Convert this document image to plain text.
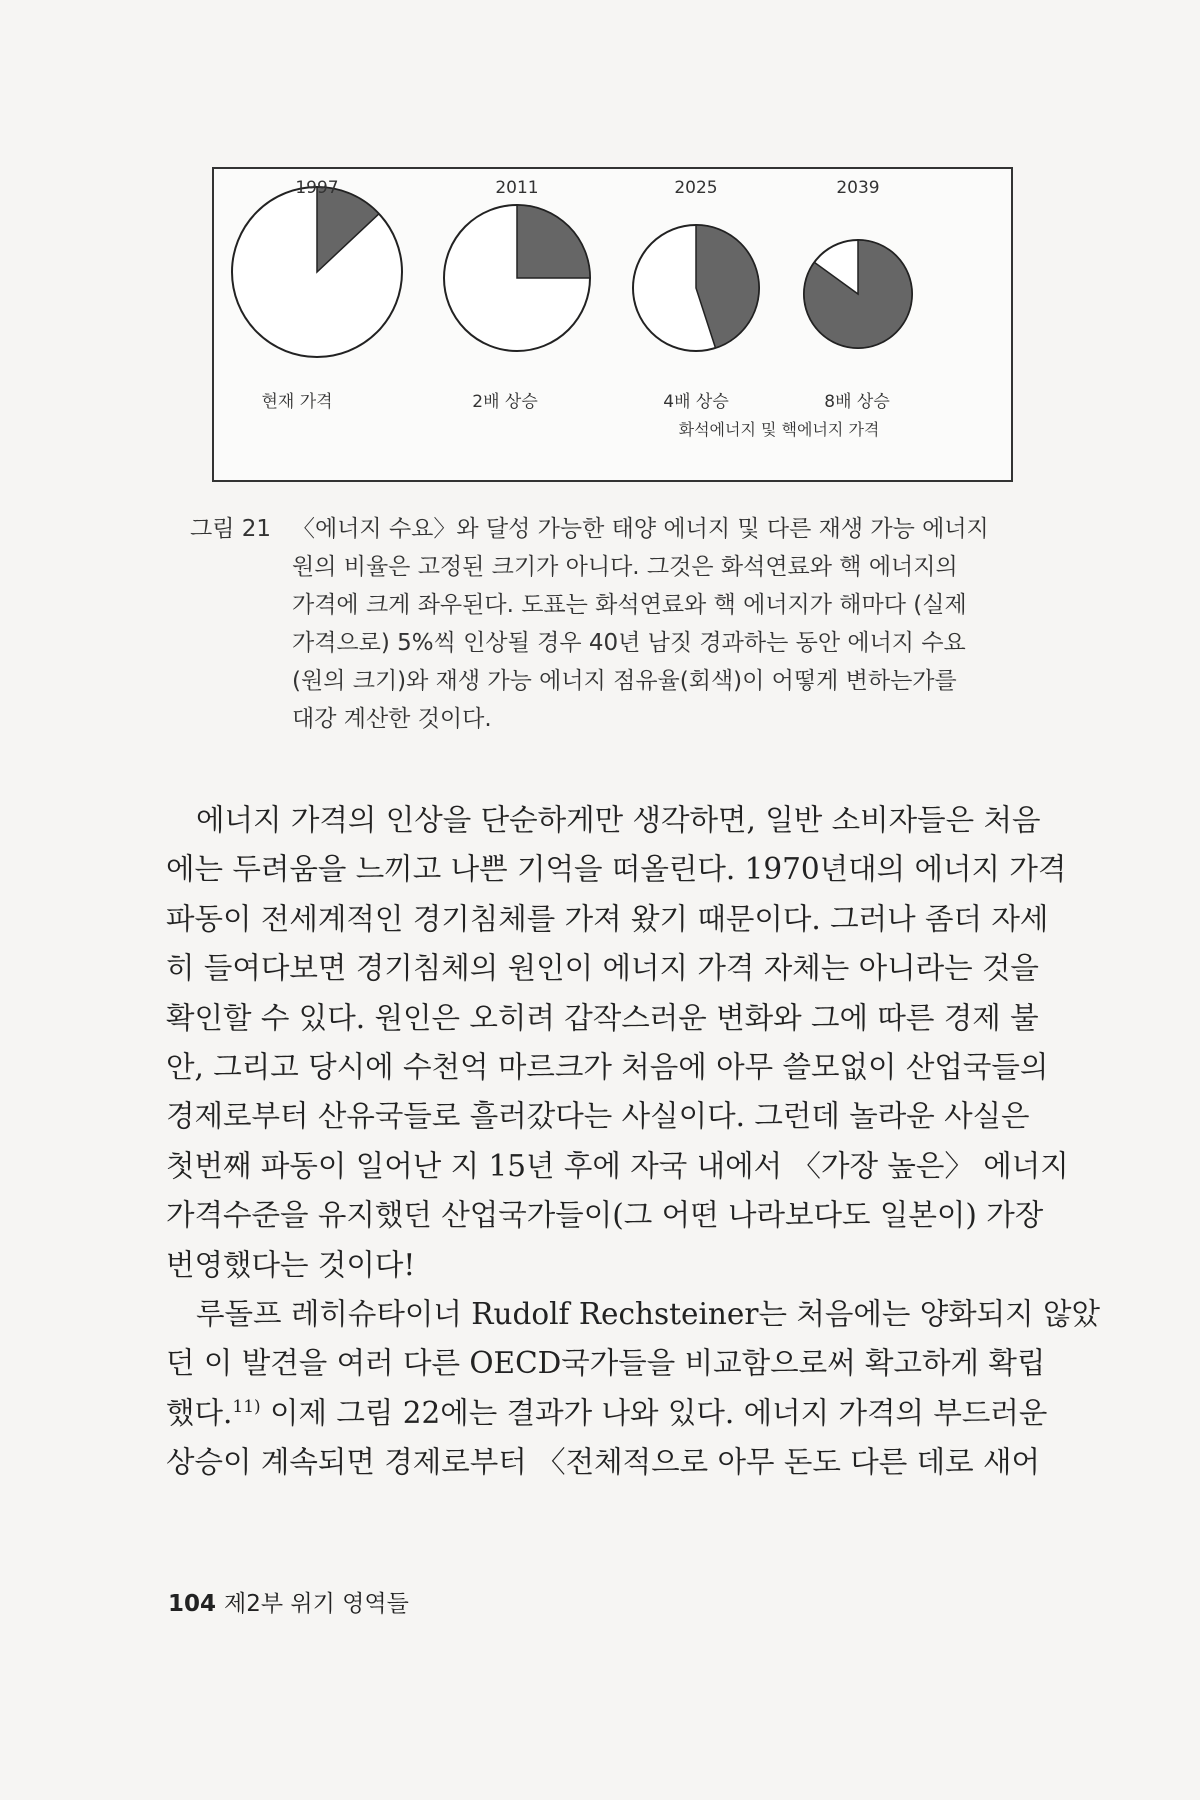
1997
현재 가격
2011
2배 상승
2025
4배 상승
2039
8배 상승
화석에너지 및 핵에너지 가격
그림 21 〈에너지 수요〉와 달성 가능한 태양 에너지 및 다른 재생 가능 에너지
원의 비율은 고정된 크기가 아니다. 그것은 화석연료와 핵 에너지의
가격에 크게 좌우된다. 도표는 화석연료와 핵 에너지가 해마다 (실제
가격으로) 5%씩 인상될 경우 40년 남짓 경과하는 동안 에너지 수요
(원의 크기)와 재생 가능 에너지 점유율(회색)이 어떻게 변하는가를
대강 계산한 것이다.
에너지 가격의 인상을 단순하게만 생각하면, 일반 소비자들은 처음
에는 두려움을 느끼고 나쁜 기억을 떠올린다. 1970년대의 에너지 가격
파동이 전세계적인 경기침체를 가져 왔기 때문이다. 그러나 좀더 자세
히 들여다보면 경기침체의 원인이 에너지 가격 자체는 아니라는 것을
확인할 수 있다. 원인은 오히려 갑작스러운 변화와 그에 따른 경제 불
안, 그리고 당시에 수천억 마르크가 처음에 아무 쓸모없이 산업국들의
경제로부터 산유국들로 흘러갔다는 사실이다. 그런데 놀라운 사실은
첫번째 파동이 일어난 지 15년 후에 자국 내에서 〈가장 높은〉 에너지
가격수준을 유지했던 산업국가들이(그 어떤 나라보다도 일본이) 가장
번영했다는 것이다!
루돌프 레히슈타이너 Rudolf Rechsteiner는 처음에는 양화되지 않았
던 이 발견을 여러 다른 OECD국가들을 비교함으로써 확고하게 확립
했다.$^{11)}$ 이제 그림 22에는 결과가 나와 있다. 에너지 가격의 부드러운
상승이 계속되면 경제로부터 〈전체적으로 아무 돈도 다른 데로 새어
104 제2부 위기 영역들
